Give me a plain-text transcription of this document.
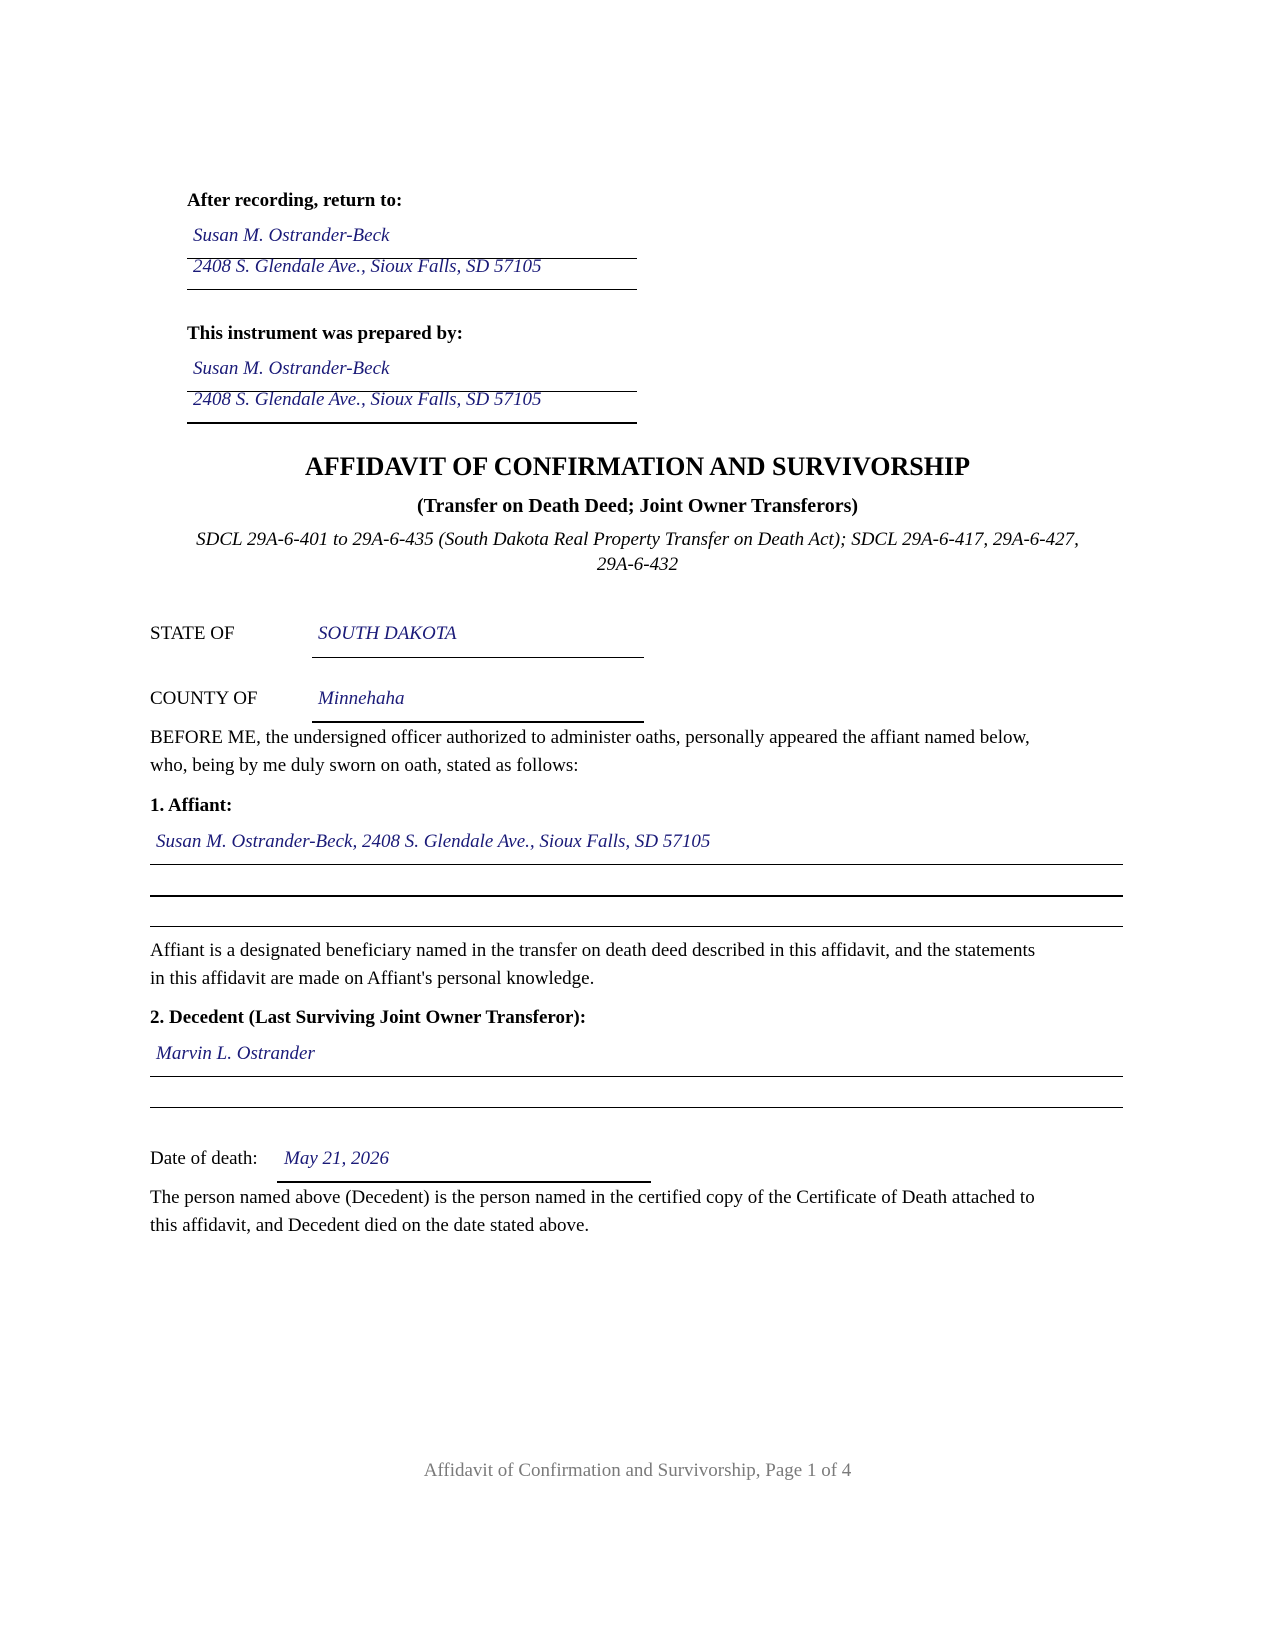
After recording, return to:
Susan M. Ostrander-Beck
2408 S. Glendale Ave., Sioux Falls, SD 57105
This instrument was prepared by:
Susan M. Ostrander-Beck
2408 S. Glendale Ave., Sioux Falls, SD 57105
AFFIDAVIT OF CONFIRMATION AND SURVIVORSHIP
(Transfer on Death Deed; Joint Owner Transferors)
SDCL 29A-6-401 to 29A-6-435 (South Dakota Real Property Transfer on Death Act); SDCL 29A-6-417, 29A-6-427,
29A-6-432
STATE OF	SOUTH DAKOTA
COUNTY OF	Minnehaha
BEFORE ME, the undersigned officer authorized to administer oaths, personally appeared the affiant named below,
who, being by me duly sworn on oath, stated as follows:
1. Affiant:
Susan M. Ostrander-Beck, 2408 S. Glendale Ave., Sioux Falls, SD 57105
Affiant is a designated beneficiary named in the transfer on death deed described in this affidavit, and the statements
in this affidavit are made on Affiant's personal knowledge.
2. Decedent (Last Surviving Joint Owner Transferor):
Marvin L. Ostrander
Date of death: May 21, 2026
The person named above (Decedent) is the person named in the certified copy of the Certificate of Death attached to
this affidavit, and Decedent died on the date stated above.
Affidavit of Confirmation and Survivorship, Page 1 of 4
